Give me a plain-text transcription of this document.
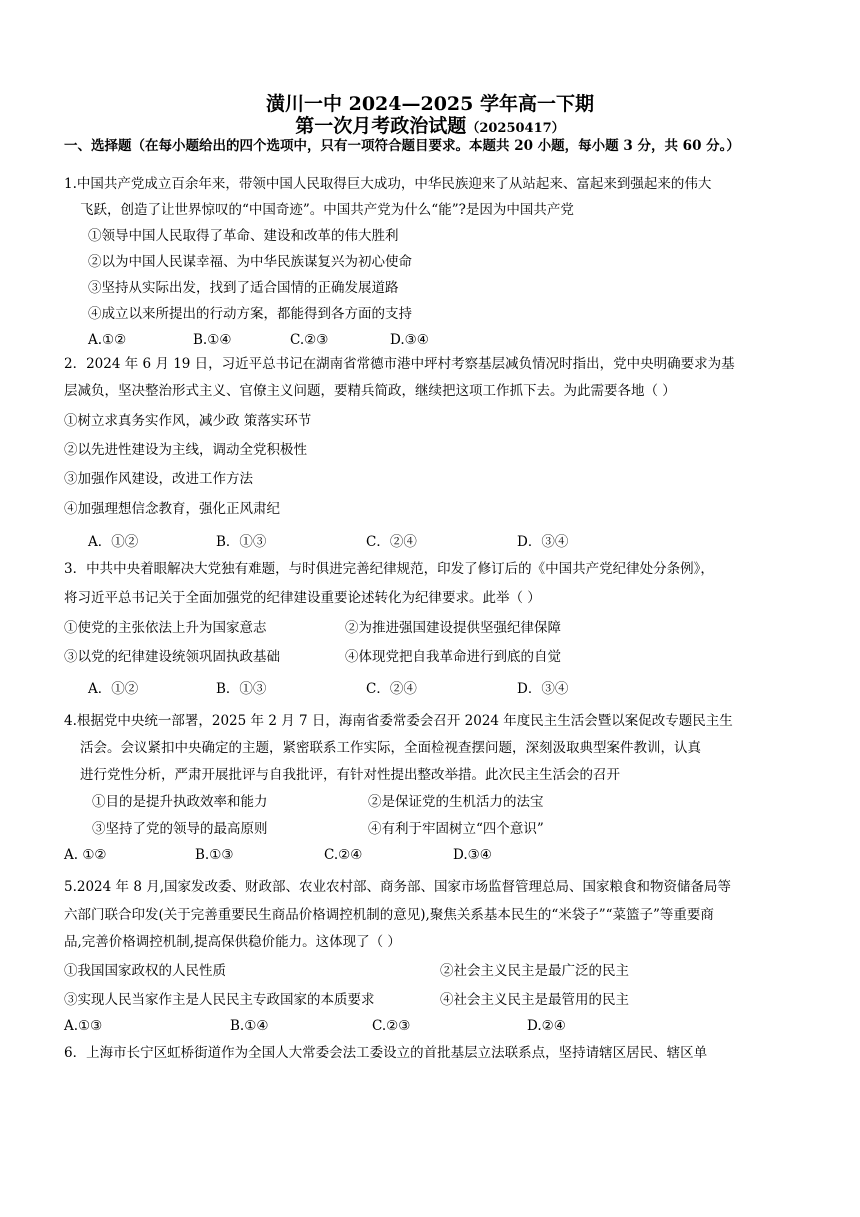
潢川一中 2024—2025 学年高一下期
第一次月考政治试题（20250417）
一、选择题（在每小题给出的四个选项中，只有一项符合题目要求。本题共 20 小题，每小题 3 分，共 60 分。）
1.中国共产党成立百余年来，带领中国人民取得巨大成功，中华民族迎来了从站起来、富起来到强起来的伟大
飞跃，创造了让世界惊叹的“中国奇迹”。中国共产党为什么“能”?是因为中国共产党
①领导中国人民取得了革命、建设和改革的伟大胜利
②以为中国人民谋幸福、为中华民族谋复兴为初心使命
③坚持从实际出发，找到了适合国情的正确发展道路
④成立以来所提出的行动方案，都能得到各方面的支持
A.①②	B.①④	C.②③	D.③④
2．2024 年 6 月 19 日，习近平总书记在湖南省常德市港中坪村考察基层减负情况时指出，党中央明确要求为基
层减负，坚决整治形式主义、官僚主义问题，要精兵简政，继续把这项工作抓下去。为此需要各地（ ）
①树立求真务实作风，减少政 策落实环节
②以先进性建设为主线，调动全党积极性
③加强作风建设，改进工作方法
④加强理想信念教育，强化正风肃纪
A．①②	B．①③	C．②④	D．③④
3．中共中央着眼解决大党独有难题，与时俱进完善纪律规范，印发了修订后的《中国共产党纪律处分条例》，
将习近平总书记关于全面加强党的纪律建设重要论述转化为纪律要求。此举（ ）
①使党的主张依法上升为国家意志	②为推进强国建设提供坚强纪律保障
③以党的纪律建设统领巩固执政基础	④体现党把自我革命进行到底的自觉
A．①②	B．①③	C．②④	D．③④
4.根据党中央统一部署，2025 年 2 月 7 日，海南省委常委会召开 2024 年度民主生活会暨以案促改专题民主生
活会。会议紧扣中央确定的主题，紧密联系工作实际，全面检视查摆问题，深刻汲取典型案件教训，认真
进行党性分析，严肃开展批评与自我批评，有针对性提出整改举措。此次民主生活会的召开
①目的是提升执政效率和能力	②是保证党的生机活力的法宝
③坚持了党的领导的最高原则	④有利于牢固树立“四个意识”
A. ①②	B.①③	C.②④	D.③④
5.2024 年 8 月,国家发改委、财政部、农业农村部、商务部、国家市场监督管理总局、国家粮食和物资储备局等
六部门联合印发(关于完善重要民生商品价格调控机制的意见),聚焦关系基本民生的“米袋子”“菜篮子”等重要商
品,完善价格调控机制,提高保供稳价能力。这体现了（ ）
①我国国家政权的人民性质	②社会主义民主是最广泛的民主
③实现人民当家作主是人民民主专政国家的本质要求	④社会主义民主是最管用的民主
A.①③	B.①④	C.②③	D.②④
6．上海市长宁区虹桥街道作为全国人大常委会法工委设立的首批基层立法联系点，坚持请辖区居民、辖区单
